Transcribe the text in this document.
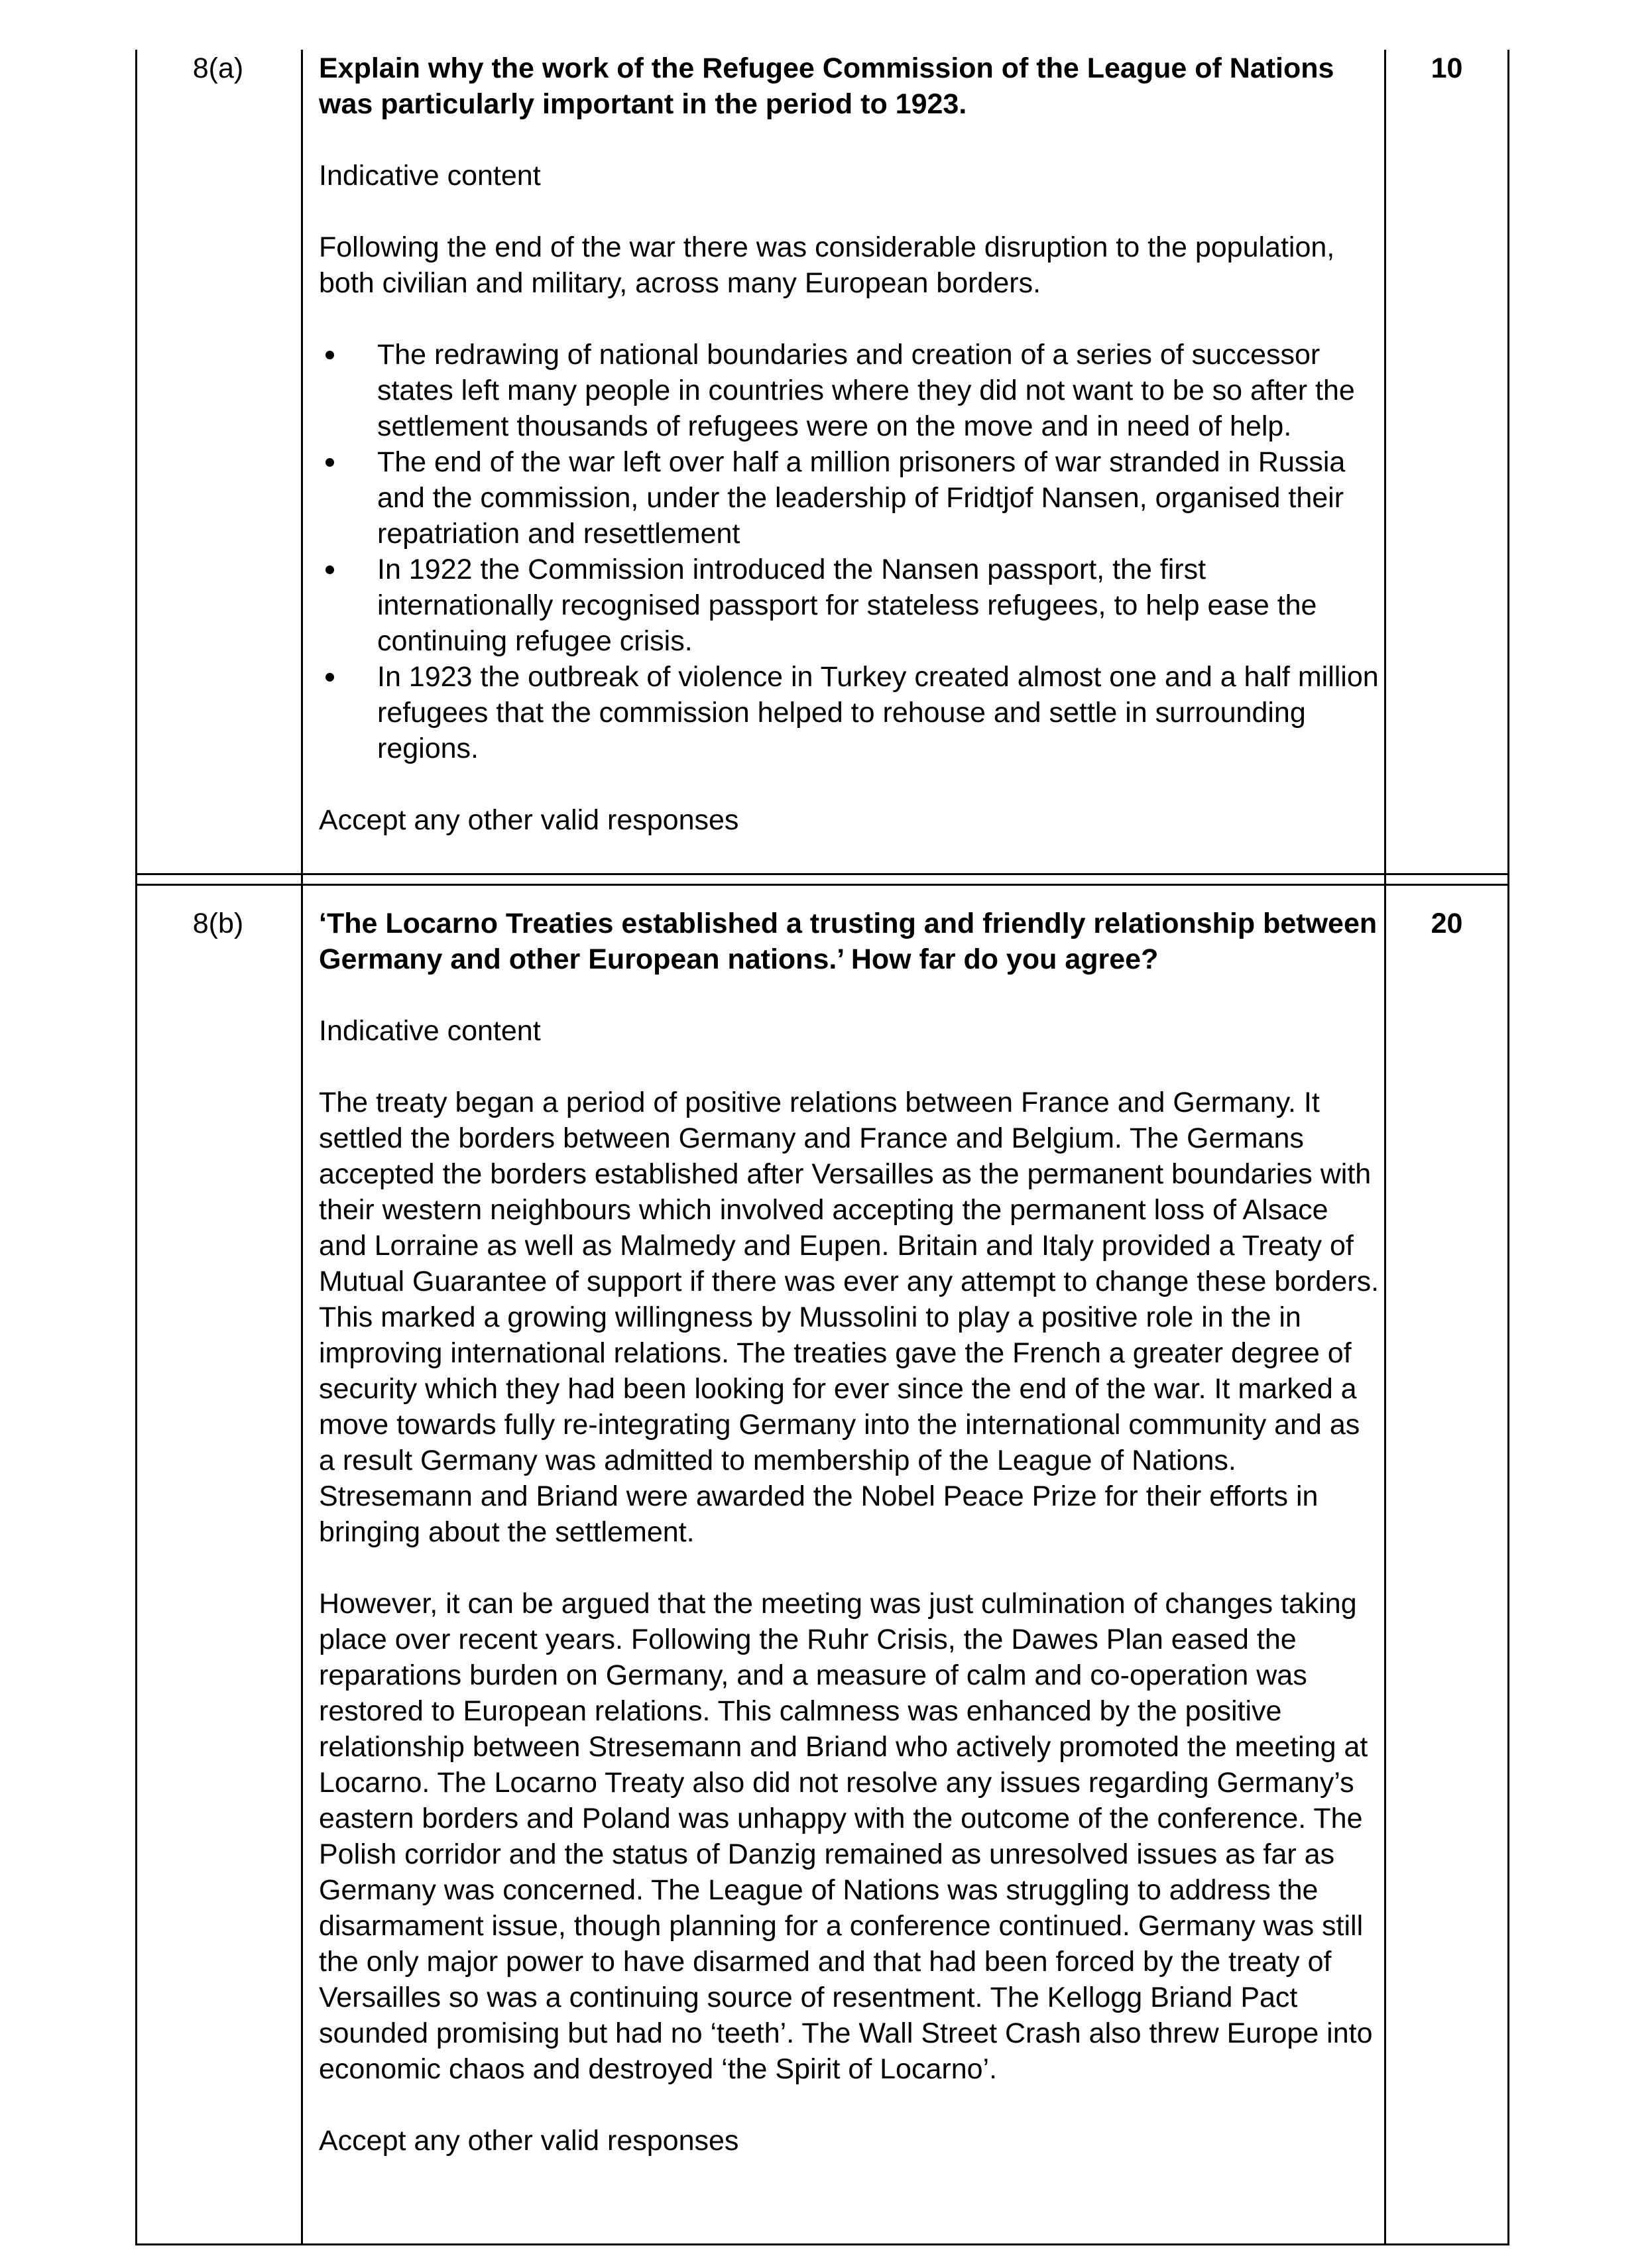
8(a)	10

Explain why the work of the Refugee Commission of the League of Nations was particularly important in the period to 1923.

Indicative content

Following the end of the war there was considerable disruption to the population, both civilian and military, across many European borders.

The redrawing of national boundaries and creation of a series of successor states left many people in countries where they did not want to be so after the settlement thousands of refugees were on the move and in need of help.
The end of the war left over half a million prisoners of war stranded in Russia and the commission, under the leadership of Fridtjof Nansen, organised their repatriation and resettlement
In 1922 the Commission introduced the Nansen passport, the first internationally recognised passport for stateless refugees, to help ease the continuing refugee crisis.
In 1923 the outbreak of violence in Turkey created almost one and a half million refugees that the commission helped to rehouse and settle in surrounding regions.

Accept any other valid responses

8(b)	20

‘The Locarno Treaties established a trusting and friendly relationship between Germany and other European nations.’ How far do you agree?

Indicative content

The treaty began a period of positive relations between France and Germany. It settled the borders between Germany and France and Belgium. The Germans accepted the borders established after Versailles as the permanent boundaries with their western neighbours which involved accepting the permanent loss of Alsace and Lorraine as well as Malmedy and Eupen. Britain and Italy provided a Treaty of Mutual Guarantee of support if there was ever any attempt to change these borders. This marked a growing willingness by Mussolini to play a positive role in the in improving international relations. The treaties gave the French a greater degree of security which they had been looking for ever since the end of the war. It marked a move towards fully re-integrating Germany into the international community and as a result Germany was admitted to membership of the League of Nations. Stresemann and Briand were awarded the Nobel Peace Prize for their efforts in bringing about the settlement.

However, it can be argued that the meeting was just culmination of changes taking place over recent years. Following the Ruhr Crisis, the Dawes Plan eased the reparations burden on Germany, and a measure of calm and co-operation was restored to European relations. This calmness was enhanced by the positive relationship between Stresemann and Briand who actively promoted the meeting at Locarno. The Locarno Treaty also did not resolve any issues regarding Germany’s eastern borders and Poland was unhappy with the outcome of the conference. The Polish corridor and the status of Danzig remained as unresolved issues as far as Germany was concerned. The League of Nations was struggling to address the disarmament issue, though planning for a conference continued. Germany was still the only major power to have disarmed and that had been forced by the treaty of Versailles so was a continuing source of resentment. The Kellogg Briand Pact sounded promising but had no ‘teeth’. The Wall Street Crash also threw Europe into economic chaos and destroyed ‘the Spirit of Locarno’.

Accept any other valid responses
